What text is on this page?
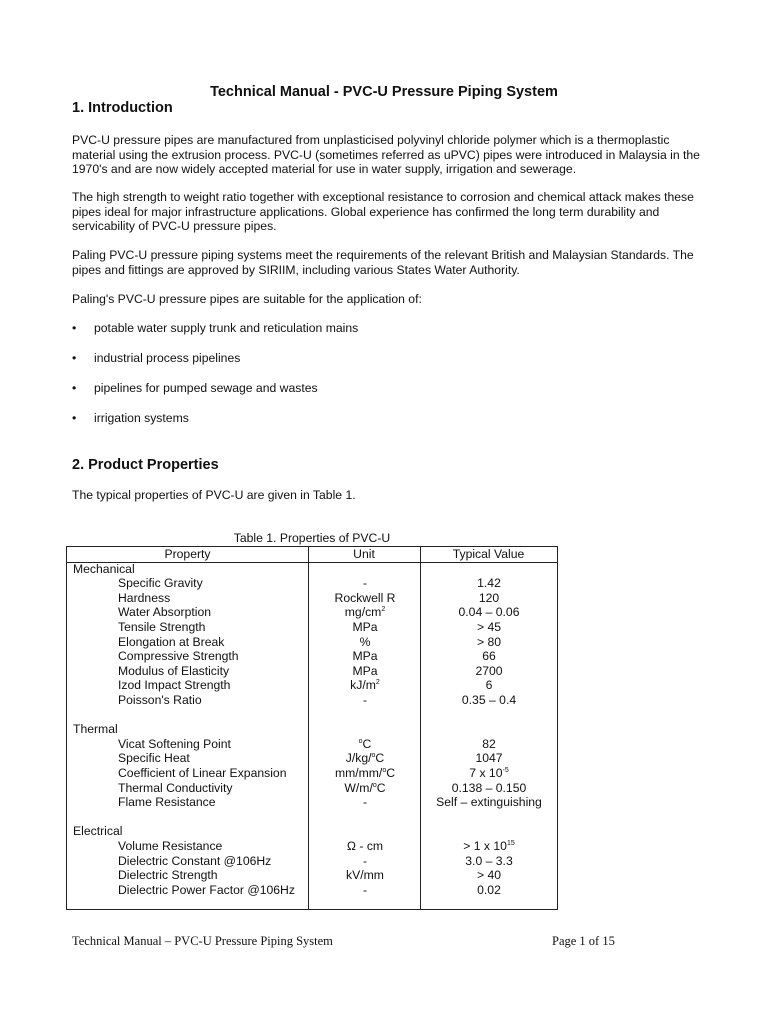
Technical Manual - PVC-U Pressure Piping System
1. Introduction
PVC-U pressure pipes are manufactured from unplasticised polyvinyl chloride polymer which is a thermoplastic material using the extrusion process. PVC-U (sometimes referred as uPVC) pipes were introduced in Malaysia in the 1970's and are now widely accepted material for use in water supply, irrigation and sewerage.
The high strength to weight ratio together with exceptional resistance to corrosion and chemical attack makes these pipes ideal for major infrastructure applications. Global experience has confirmed the long term durability and servicability of PVC-U pressure pipes.
Paling PVC-U pressure piping systems meet the requirements of the relevant British and Malaysian Standards. The pipes and fittings are approved by SIRIIM, including various States Water Authority.
Paling's PVC-U pressure pipes are suitable for the application of:
• potable water supply trunk and reticulation mains
• industrial process pipelines
• pipelines for pumped sewage and wastes
• irrigation systems
2. Product Properties
The typical properties of PVC-U are given in Table 1.
Table 1. Properties of PVC-U
Property	Unit	Typical Value
Mechanical
Specific Gravity	-	1.42
Hardness	Rockwell R	120
Water Absorption	$mg/cm^2$	0.04 – 0.06
Tensile Strength	MPa	> 45
Elongation at Break	%	> 80
Compressive Strength	MPa	66
Modulus of Elasticity	MPa	2700
Izod Impact Strength	$kJ/m^2$	6
Poisson's Ratio	-	0.35 – 0.4
Thermal
Vicat Softening Point	$^o$C	82
Specific Heat	J/kg/$^o$C	1047
Coefficient of Linear Expansion	mm/mm/$^o$C	7 x $10^{-5}$
Thermal Conductivity	W/m/$^o$C	0.138 – 0.150
Flame Resistance	-	Self – extinguishing
Electrical
Volume Resistance	Ω - cm	> 1 x $10^{15}$
Dielectric Constant @106Hz	-	3.0 – 3.3
Dielectric Strength	kV/mm	> 40
Dielectric Power Factor @106Hz	-	0.02
Technical Manual – PVC-U Pressure Piping System	Page 1 of 15
